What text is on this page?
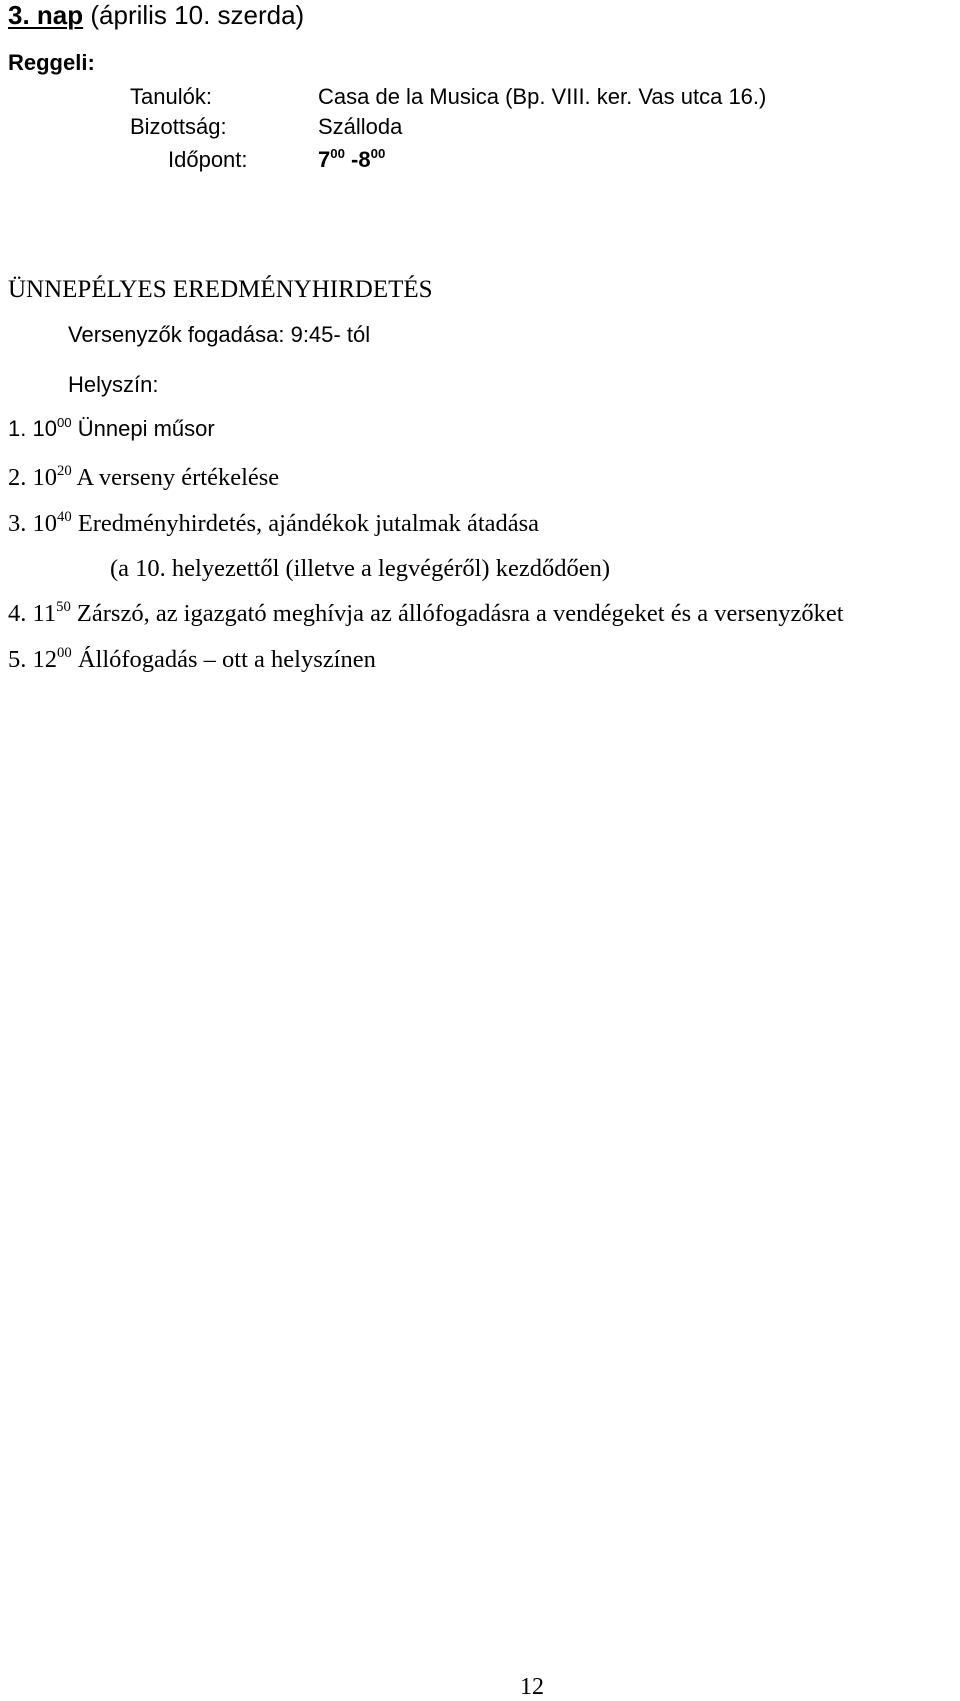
3. nap (április 10. szerda)
Reggeli:
Tanulók:	Casa de la Musica (Bp. VIII. ker. Vas utca 16.)
Bizottság:	Szálloda
Időpont:	$7^{00}$ $-8^{00}$
ÜNNEPÉLYES EREDMÉNYHIRDETÉS
Versenyzők fogadása: 9:45- tól
Helyszín:
1. $10^{00}$ Ünnepi műsor
2. $10^{20}$ A verseny értékelése
3. $10^{40}$ Eredményhirdetés, ajándékok jutalmak átadása
(a 10. helyezettől (illetve a legvégéről) kezdődően)
4. $11^{50}$ Zárszó, az igazgató meghívja az állófogadásra a vendégeket és a versenyzőket
5. $12^{00}$ Állófogadás – ott a helyszínen
12
